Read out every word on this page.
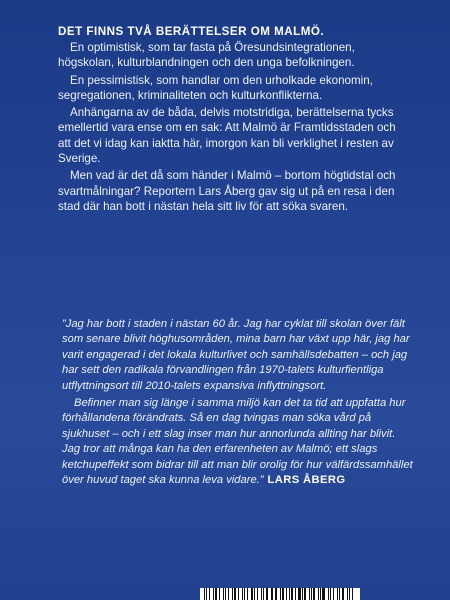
DET FINNS TVÅ BERÄTTELSER OM MALMÖ.

En optimistisk, som tar fasta på Öresundsintegrationen, högskolan, kulturblandningen och den unga befolkningen.

En pessimistisk, som handlar om den urholkade ekonomin, segregationen, kriminaliteten och kulturkonflikterna.

Anhängarna av de båda, delvis motstridiga, berättelserna tycks emellertid vara ense om en sak: Att Malmö är Framtidsstaden och att det vi idag kan iaktta här, imorgon kan bli verklighet i resten av Sverige.

Men vad är det då som händer i Malmö – bortom högtidstal och svartmålningar? Reportern Lars Åberg gav sig ut på en resa i den stad där han bott i nästan hela sitt liv för att söka svaren.

”Jag har bott i staden i nästan 60 år. Jag har cyklat till skolan över fält som senare blivit höghusområden, mina barn har växt upp här, jag har varit engagerad i det lokala kulturlivet och samhällsdebatten – och jag har sett den radikala förvandlingen från 1970-talets kulturfientliga utflyttningsort till 2010-talets expansiva inflyttningsort.

Befinner man sig länge i samma miljö kan det ta tid att uppfatta hur förhållandena förändrats. Så en dag tvingas man söka vård på sjukhuset – och i ett slag inser man hur annorlunda allting har blivit. Jag tror att många kan ha den erfarenheten av Malmö; ett slags ketchupeffekt som bidrar till att man blir orolig för hur välfärdssamhället över huvud taget ska kunna leva vidare.” LARS ÅBERG
